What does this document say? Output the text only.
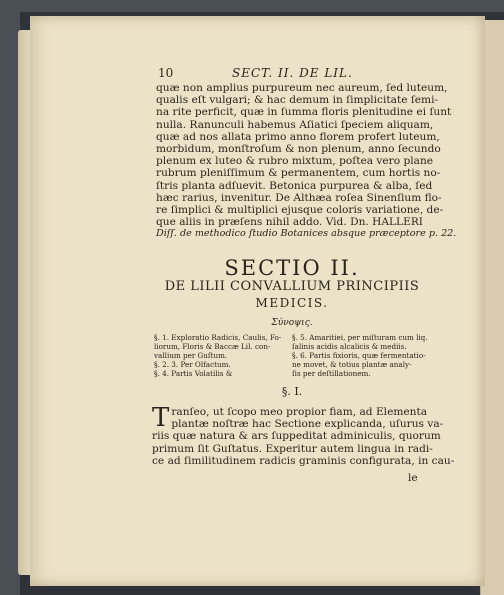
10	SECT. II. DE LIL.
quæ non amplius purpureum nec aureum, ſed luteum,
qualis eſt vulgari; & hac demum in ſimplicitate ſemi-
na rite perficit, quæ in ſumma floris plenitudine ei ſunt
nulla. Ranunculi habemus Aſiatici ſpeciem aliquam,
quæ ad nos allata primo anno florem profert luteum,
morbidum, monſtroſum & non plenum, anno ſecundo
plenum ex luteo & rubro mixtum, poſtea vero plane
rubrum pleniſſimum & permanentem, cum hortis no-
ſtris planta adſuevit. Betonica purpurea & alba, ſed
hæc rarius, invenitur. De Althæa roſea Sinenſium flo-
re ſimplici & multiplici ejusque coloris variatione, de-
que aliis in præſens nihil addo. Vid. Dn. HALLERI
Diſſ. de methodico ſtudio Botanices absque præceptore p. 22.
SECTIO II.
DE LILII CONVALLIUM PRINCIPIIS
MEDICIS.
Σύνοψις.
§. 1. Exploratio Radicis, Caulis, Fo-
liorum, Floris & Baccæ Lil. con-
vallium per Guſtum.
§. 2. 3. Per Olfactum.
§. 4. Partis Volatilis &
§. 5. Amaritiei, per miſturam cum liq.
ſalinis acidis alcalicis & mediis.
§. 6. Partis fixioris, quæ fermentatio-
ne movet, & totius plantæ analy-
ſis per deſtillationem.
§. I.
T ranſeo, ut ſcopo meo propior fiam, ad Elementa
plantæ noſtræ hac Sectione explicanda, uſurus va-
riis quæ natura & ars ſuppeditat adminiculis, quorum
primum ſit Guſtatus. Experitur autem lingua in radi-
ce ad ſimilitudinem radicis graminis configurata, in cau-
le
